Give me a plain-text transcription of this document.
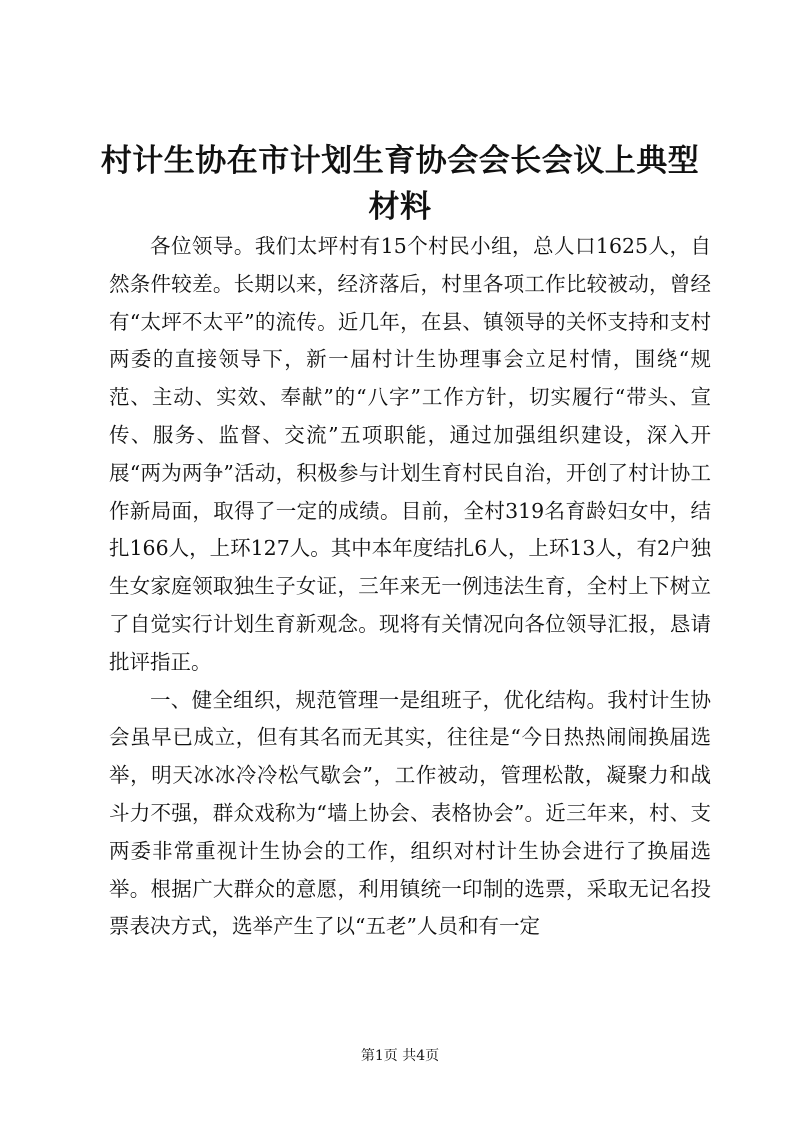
村计生协在市计划生育协会会长会议上典型材料

各位领导。我们太坪村有15个村民小组，总人口1625人，自然条件较差。长期以来，经济落后，村里各项工作比较被动，曾经有“太坪不太平”的流传。近几年，在县、镇领导的关怀支持和支村两委的直接领导下，新一届村计生协理事会立足村情，围绕“规范、主动、实效、奉献”的“八字”工作方针，切实履行“带头、宣传、服务、监督、交流”五项职能，通过加强组织建设，深入开展“两为两争”活动，积极参与计划生育村民自治，开创了村计协工作新局面，取得了一定的成绩。目前，全村319名育龄妇女中，结扎166人，上环127人。其中本年度结扎6人，上环13人，有2户独生女家庭领取独生子女证，三年来无一例违法生育，全村上下树立了自觉实行计划生育新观念。现将有关情况向各位领导汇报，恳请批评指正。

一、健全组织，规范管理一是组班子，优化结构。我村计生协会虽早已成立，但有其名而无其实，往往是“今日热热闹闹换届选举，明天冰冰冷冷松气歇会”，工作被动，管理松散，凝聚力和战斗力不强，群众戏称为“墙上协会、表格协会”。近三年来，村、支两委非常重视计生协会的工作，组织对村计生协会进行了换届选举。根据广大群众的意愿，利用镇统一印制的选票，采取无记名投票表决方式，选举产生了以“五老”人员和有一定

第1页 共4页
